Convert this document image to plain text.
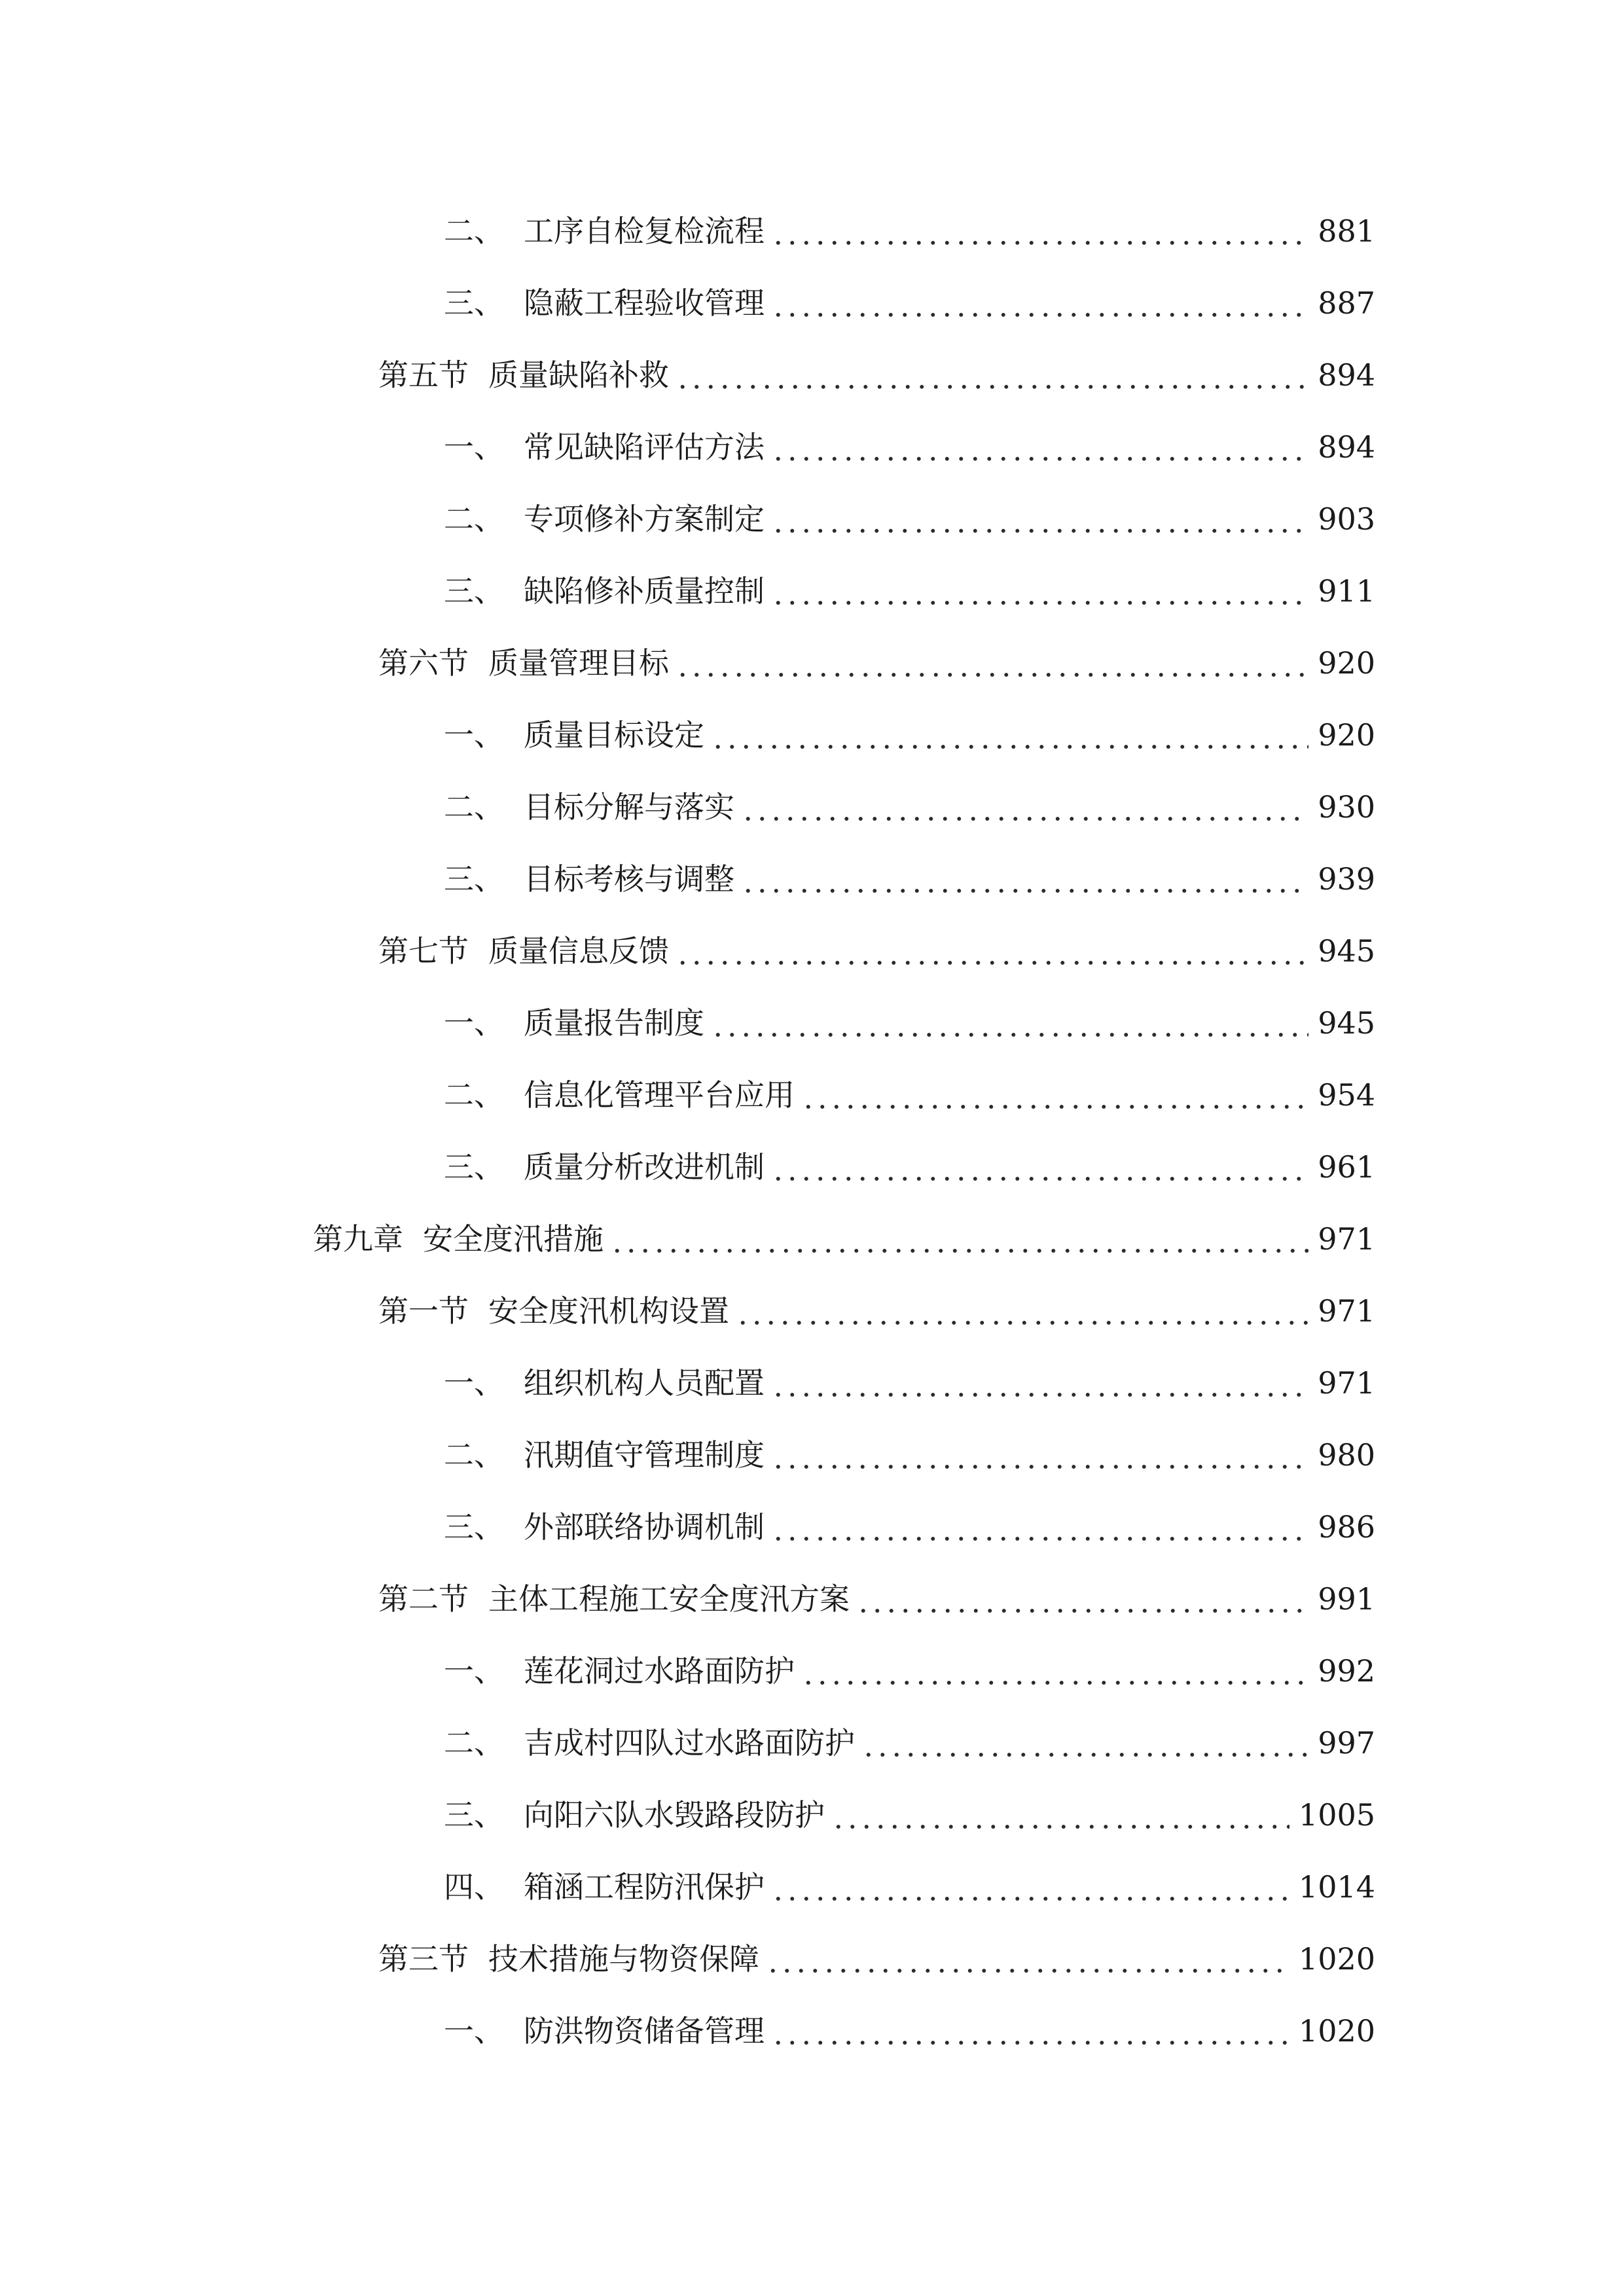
二、 工序自检复检流程	881
三、 隐蔽工程验收管理	887
第五节 质量缺陷补救	894
一、 常见缺陷评估方法	894
二、 专项修补方案制定	903
三、 缺陷修补质量控制	911
第六节 质量管理目标	920
一、 质量目标设定	920
二、 目标分解与落实	930
三、 目标考核与调整	939
第七节 质量信息反馈	945
一、 质量报告制度	945
二、 信息化管理平台应用	954
三、 质量分析改进机制	961
第九章 安全度汛措施	971
第一节 安全度汛机构设置	971
一、 组织机构人员配置	971
二、 汛期值守管理制度	980
三、 外部联络协调机制	986
第二节 主体工程施工安全度汛方案	991
一、 莲花洞过水路面防护	992
二、 吉成村四队过水路面防护	997
三、 向阳六队水毁路段防护	1005
四、 箱涵工程防汛保护	1014
第三节 技术措施与物资保障	1020
一、 防洪物资储备管理	1020
